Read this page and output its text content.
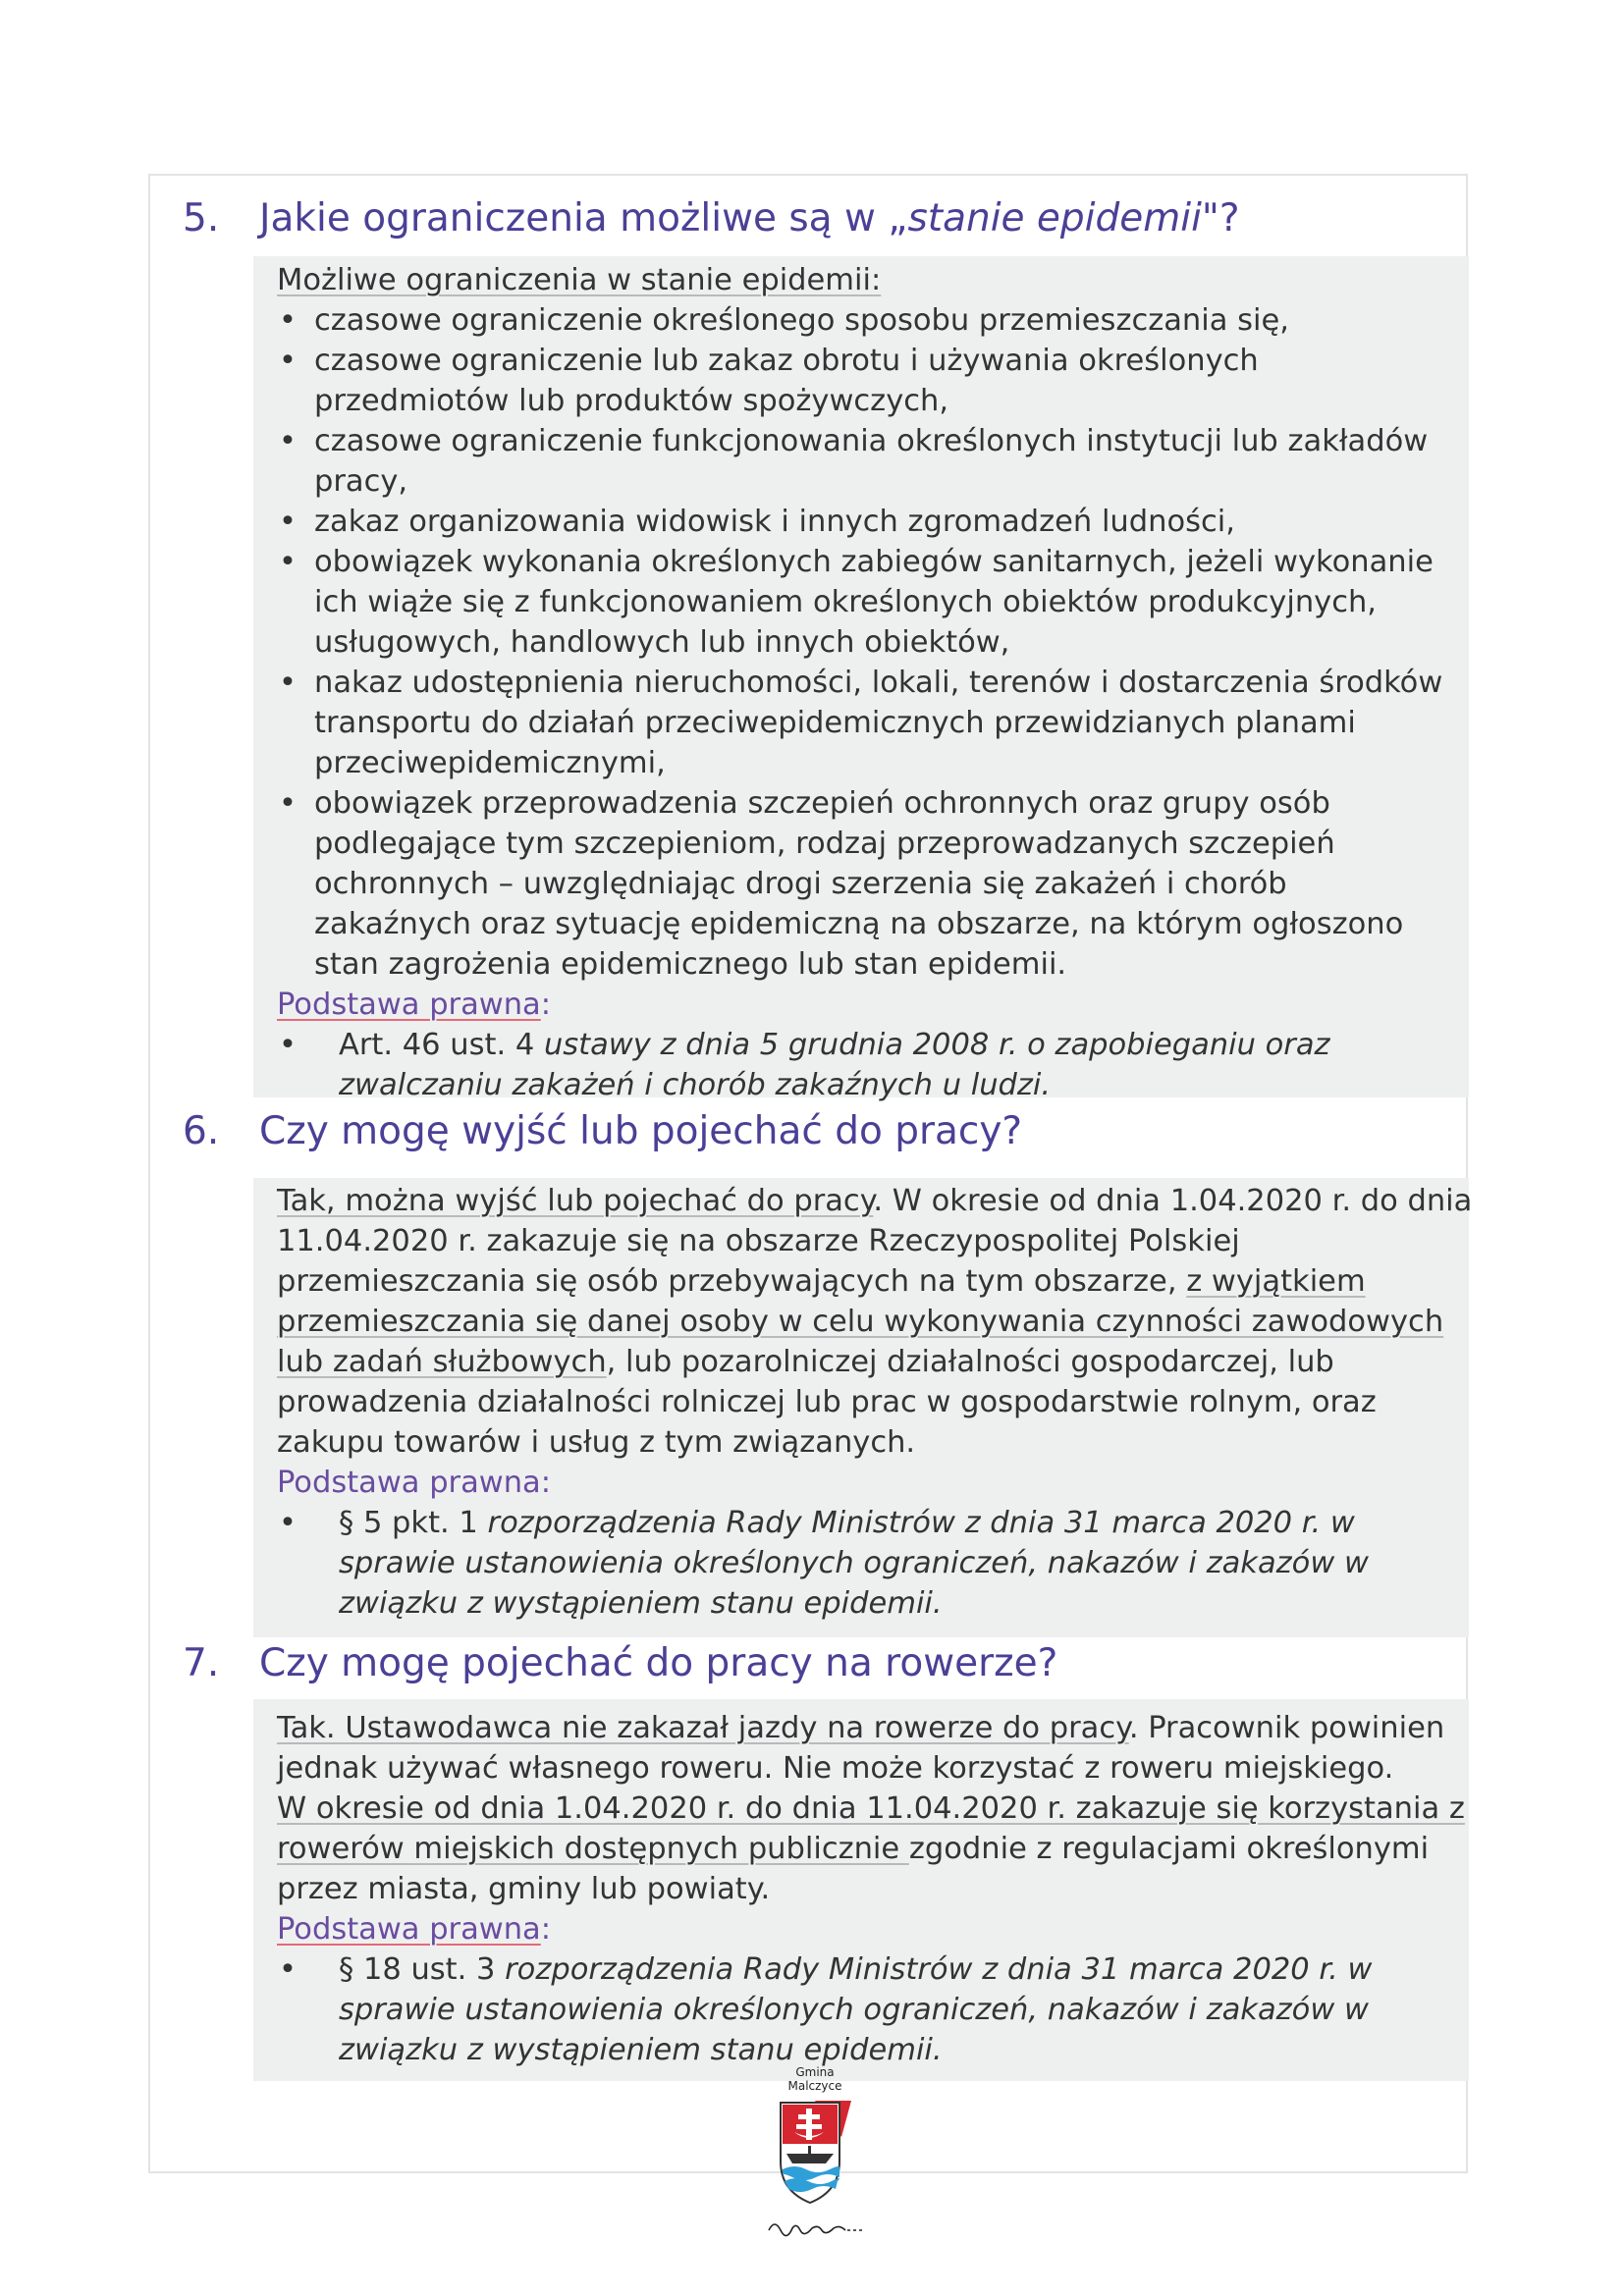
5. Jakie ograniczenia możliwe są w „stanie epidemii"?
Możliwe ograniczenia w stanie epidemii:
• czasowe ograniczenie określonego sposobu przemieszczania się,
• czasowe ograniczenie lub zakaz obrotu i używania określonych
przedmiotów lub produktów spożywczych,
• czasowe ograniczenie funkcjonowania określonych instytucji lub zakładów
pracy,
• zakaz organizowania widowisk i innych zgromadzeń ludności,
• obowiązek wykonania określonych zabiegów sanitarnych, jeżeli wykonanie
ich wiąże się z funkcjonowaniem określonych obiektów produkcyjnych,
usługowych, handlowych lub innych obiektów,
• nakaz udostępnienia nieruchomości, lokali, terenów i dostarczenia środków
transportu do działań przeciwepidemicznych przewidzianych planami
przeciwepidemicznymi,
• obowiązek przeprowadzenia szczepień ochronnych oraz grupy osób
podlegające tym szczepieniom, rodzaj przeprowadzanych szczepień
ochronnych – uwzględniając drogi szerzenia się zakażeń i chorób
zakaźnych oraz sytuację epidemiczną na obszarze, na którym ogłoszono
stan zagrożenia epidemicznego lub stan epidemii.
Podstawa prawna:
• Art. 46 ust. 4 ustawy z dnia 5 grudnia 2008 r. o zapobieganiu oraz
zwalczaniu zakażeń i chorób zakaźnych u ludzi.
6. Czy mogę wyjść lub pojechać do pracy?
Tak, można wyjść lub pojechać do pracy. W okresie od dnia 1.04.2020 r. do dnia
11.04.2020 r. zakazuje się na obszarze Rzeczypospolitej Polskiej
przemieszczania się osób przebywających na tym obszarze, z wyjątkiem
przemieszczania się danej osoby w celu wykonywania czynności zawodowych
lub zadań służbowych, lub pozarolniczej działalności gospodarczej, lub
prowadzenia działalności rolniczej lub prac w gospodarstwie rolnym, oraz
zakupu towarów i usług z tym związanych.
Podstawa prawna:
• § 5 pkt. 1 rozporządzenia Rady Ministrów z dnia 31 marca 2020 r. w
sprawie ustanowienia określonych ograniczeń, nakazów i zakazów w
związku z wystąpieniem stanu epidemii.
7. Czy mogę pojechać do pracy na rowerze?
Tak. Ustawodawca nie zakazał jazdy na rowerze do pracy. Pracownik powinien
jednak używać własnego roweru. Nie może korzystać z roweru miejskiego.
W okresie od dnia 1.04.2020 r. do dnia 11.04.2020 r. zakazuje się korzystania z
rowerów miejskich dostępnych publicznie zgodnie z regulacjami określonymi
przez miasta, gminy lub powiaty.
Podstawa prawna:
• § 18 ust. 3 rozporządzenia Rady Ministrów z dnia 31 marca 2020 r. w
sprawie ustanowienia określonych ograniczeń, nakazów i zakazów w
związku z wystąpieniem stanu epidemii.
Gmina
Malczyce
